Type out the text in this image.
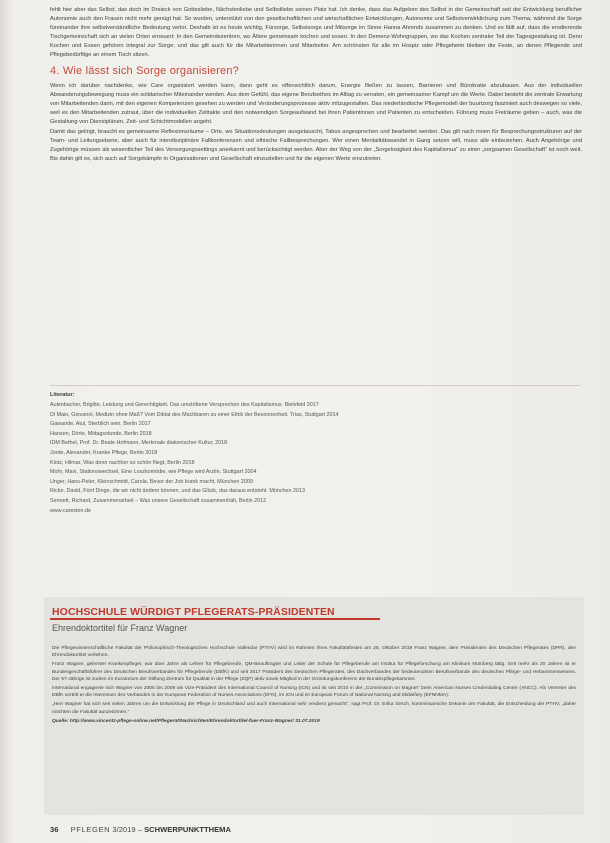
fehlt hier aber das Selbst, das doch im Dreieck von Gottesliebe, Nächstenliebe und Selbstliebe seinen Platz hat. Ich denke, dass das Aufgeben des Selbst in der Gemeinschaft seit der Entwicklung beruflicher Autonomie auch den Frauen nicht mehr genügt hat. So wurden, unterstützt von den gesellschaftlichen und wirtschaftlichen Entwicklungen, Autonomie und Selbstverwirklichung zum Thema, während die Sorge füreinander ihre selbstverständliche Bedeutung verlor. Deshalb ist es heute wichtig, Fürsorge, Selbstsorge und Mitsorge im Sinne Hanna Ahrends zusammen zu denken. Und es fällt auf, dass die erodierende Tischgemeinschaft sich an vielen Orten erneuert: In den Gemeindezentren, wo Ältere gemeinsam kochen und essen. In den Demenz-Wohngruppen, wo das Kochen zentraler Teil der Tagesgestaltung ist. Denn Kochen und Essen gehören integral zur Sorge; und das gilt auch für die Mitarbeiterinnen und Mitarbeiter. Am schönsten für alle im Hospiz oder Pflegeheim bleiben die Feste, an denen Pflegende und Pflegebedürftige an einem Tisch sitzen.

4. Wie lässt sich Sorge organisieren?

Wenn ich darüber nachdenke, wie Care organisiert werden kann, dann geht es offensichtlich darum, Energie fließen zu lassen, Barrieren und Bürokratie abzubauen. Aus der individuellen Abwanderungsbewegung muss ein solidarischer Miteinander werden. Aus dem Gefühl, das eigene Berufsethos im Alltag zu verraten, ein gemeinsamer Kampf um die Werte. Dabei besteht die zentrale Erwartung von Mitarbeitenden darin, mit den eigenen Kompetenzen gesehen zu werden und Veränderungsprozesse aktiv mitzugestalten. Das niederländische Pflegemodell der buurtzorg fasziniert auch deswegen so viele, weil es den Mitarbeitenden zutraut, über die individuellen Zeittakte und den notwendigen Sorgeaufwand bei ihren Patientinnen und Patienten zu entscheiden. Führung muss Freiräume geben – auch, was die Gestaltung von Dienstplänen, Zeit- und Schichtmodellen angeht.

Damit das gelingt, braucht es gemeinsame Reflexionsräume – Orte, wo Situationsdeutungen ausgetauscht, Tabus angesprochen und bearbeitet werden. Das gilt nach innen für Besprechungsstrukturen auf der Team- und Leitungsebene, aber auch für interdisziplinäre Fallkonferenzen und ethische Fallbesprechungen. Wer einen Mentalitätswandel in Gang setzen will, muss alle einbeziehen. Auch Angehörige und Zugehörige müssen als wesentlicher Teil des Versorgungssettings anerkannt und berücksichtigt werden. Aber der Weg von der „Sorgelosigkeit des Kapitalismus“ zu einer „sorgsamen Gesellschaft“ ist noch weit. Bis dahin gilt es, sich auch auf Sorgekämpfe in Organisationen und Gesellschaft einzustellen und für die eigenen Werte einzutreten.

Literatur:
Aulenbacher, Brigitte, Leistung und Gerechtigkeit. Das umstrittene Versprechen des Kapitalismus. Bielefeld 2017
Di Maio, Giovanni, Medizin ohne Maß? Vom Diktat des Machbaren zu einer Ethik der Besonnenheit. Trias, Stuttgart 2014
Gawande, Atul, Sterblich sein, Berlin 2017
Hansen, Dörte, Mittagsstunde, Berlin 2018
IDM Bethel, Prof. Dr. Beate Hofmann, Merkmale diakonischer Kultur, 2018
Jorde, Alexander, Kranke Pflege, Berlin 2018
Klotz, Hilmar, Was denn nachher so schön fliegt, Berlin 2018
Mohr, Mavi, Stationswechsel, Eine Loszkomödie, wie Pflege wird Arztin, Stuttgart 2004
Unger, Hans-Peter, Kleinschmidt, Carola, Bevor der Job krank macht, München 2009
Ricke, David, Fünf Dinge, die wir nicht ändern können, und das Glück, das daraus entsteht. München 2013
Sennett, Richard, Zusammenarbeit – Was unsere Gesellschaft zusammenhält, Berlin 2012
www.caresten.de
HOCHSCHULE WÜRDIGT PFLEGERATS-PRÄSIDENTEN
Ehrendoktortitel für Franz Wagner

Die Pflegewissenschaftliche Fakultät der Philosophisch-Theologischen Hochschule Vallendar (PTHV) wird im Rahmen ihres Fakultätsfestes am 25. Oktober 2019 Franz Wagner, dem Präsidenten des Deutschen Pflegerates (DPR), den Ehrendoktortitel verleihen.

Franz Wagner, gelernter Krankenpfleger, war über Jahre als Lehrer für Pflegeberufe, QM-Beauftragter und Leiter der Schule für Pflegeberufe am Institut für Pflegeforschung am Klinikum Nürnberg tätig. Seit mehr als 20 Jahren ist er Bundesgeschäftsführer des Deutschen Berufsverbandes für Pflegeberufe (DBfK) und seit 2017 Präsident des Deutschen Pflegerates, des Dachverbandes der bedeutendsten Berufsverbände des deutschen Pflege- und Hebammenwesens. Der 57-Jährige ist zudem im Kuratorium der Stiftung Zentrum für Qualität in der Pflege (ZQP) aktiv sowie Mitglied in der Gründungskonferenz der Bundespflegekammer.

International engagierte sich Wagner von 2005 bis 2009 als Vize-Präsident des International Council of Nursing (ICN) und ist seit 2010 in der „Commission on Magnet“ beim American Nurses Credentialing Center (ANCC). Als Vertreter des DBfK vertritt er die Interessen des Verbandes in der European Federation of Nurses Associations (EFN), im ICN und im European Forum of National Nursing and Midwifery (EFNNMA).

„Herr Wagner hat sich seit vielen Jahren um die Entwicklung der Pflege in Deutschland und auch international sehr verdient gemacht“, sagt Prof. Dr. Erika Sirsch, kommissarische Dekanin der Fakultät, die Entscheidung der PTHV, „daher möchten die Fakultät auszeichnen.“

Quelle: http://www.vincentz-pflege-online.net/Pflegerat/Nachrichten/Ehrendoktortitel-fuer-Franz-Wagner/ 31.07.2019
36 PFLEGEN 3/2019 – SCHWERPUNKTTHEMA
